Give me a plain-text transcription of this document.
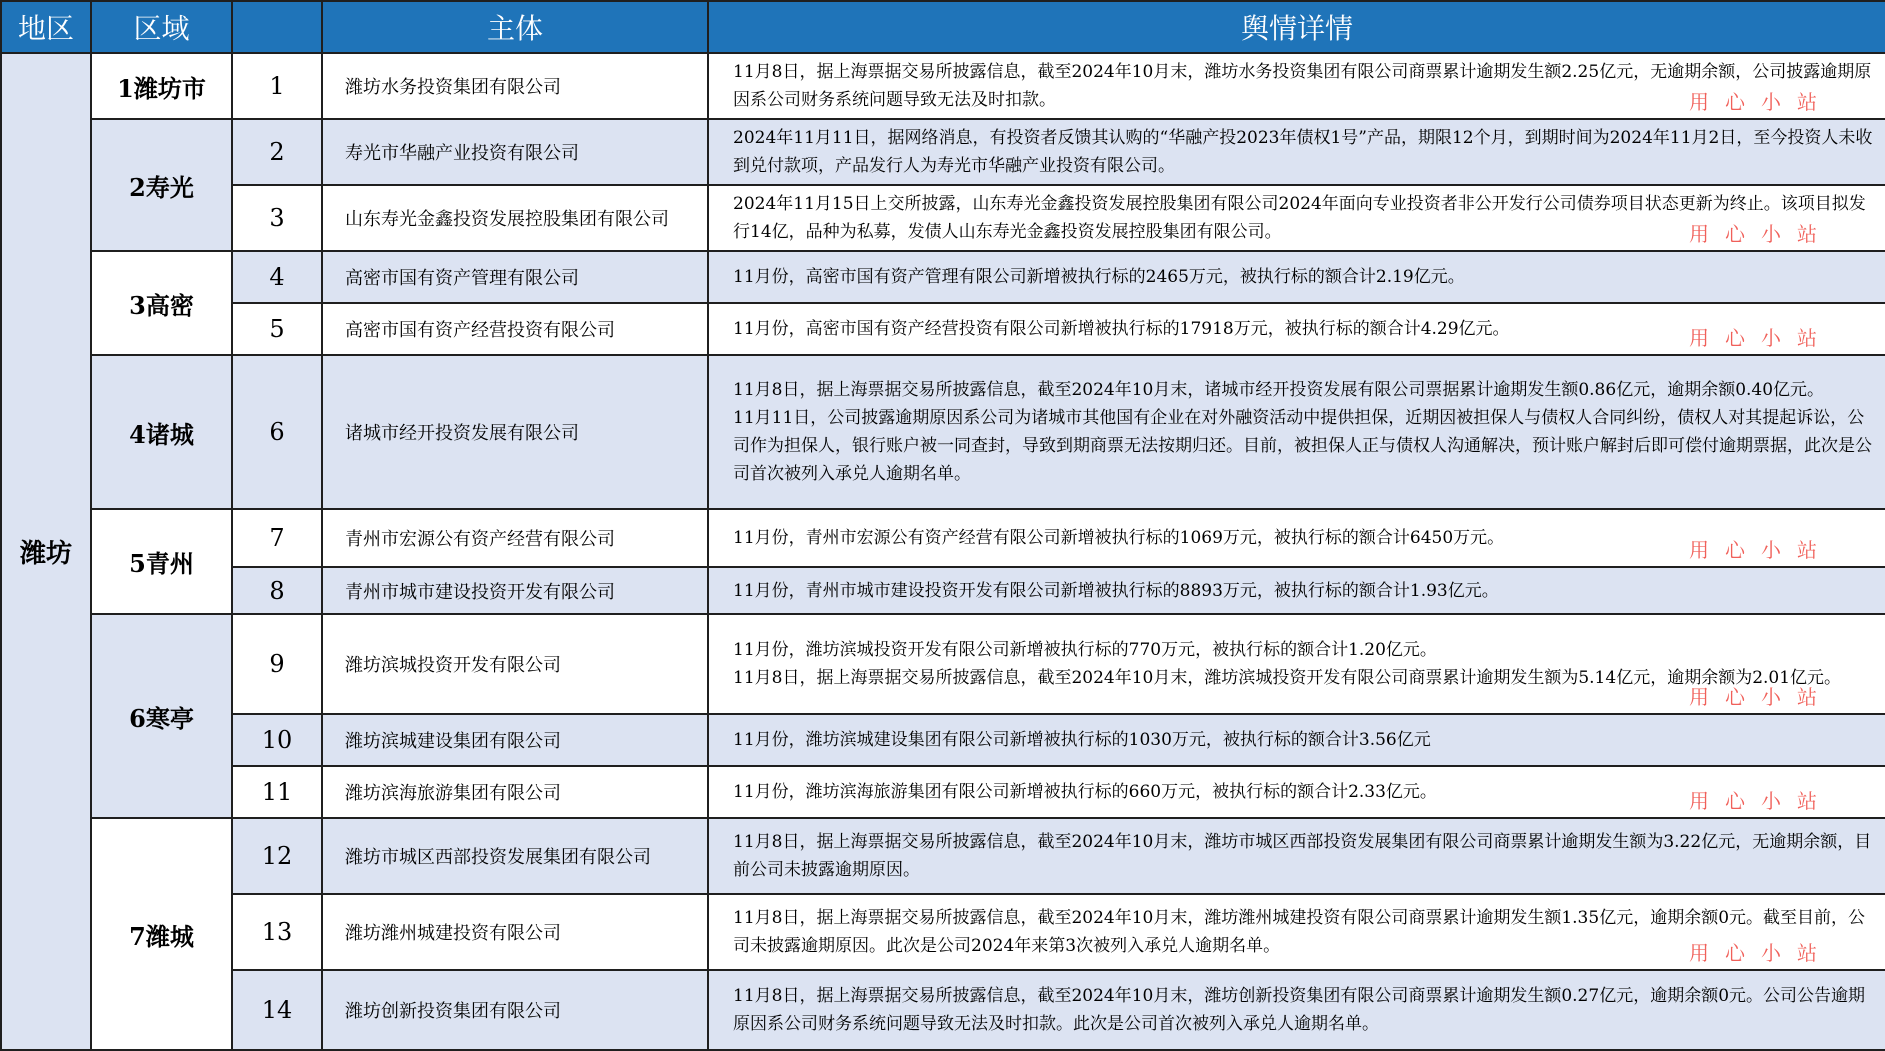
地区	区域		主体	舆情详情
潍坊	1潍坊市	1	潍坊水务投资集团有限公司	11月8日，据上海票据交易所披露信息，截至2024年10月末，潍坊水务投资集团有限公司商票累计逾期发生额2.25亿元，无逾期余额，公司披露逾期原因系公司财务系统问题导致无法及时扣款。 用心小站

	2寿光	2	寿光市华融产业投资有限公司	2024年11月11日，据网络消息，有投资者反馈其认购的“华融产投2023年债权1号”产品，期限12个月，到期时间为2024年11月2日，至今投资人未收到兑付款项，产品发行人为寿光市华融产业投资有限公司。

		3	山东寿光金鑫投资发展控股集团有限公司	2024年11月15日上交所披露，山东寿光金鑫投资发展控股集团有限公司2024年面向专业投资者非公开发行公司债券项目状态更新为终止。该项目拟发行14亿，品种为私募，发债人山东寿光金鑫投资发展控股集团有限公司。 用心小站

	3高密	4	高密市国有资产管理有限公司	11月份，高密市国有资产管理有限公司新增被执行标的2465万元，被执行标的额合计2.19亿元。

		5	高密市国有资产经营投资有限公司	11月份，高密市国有资产经营投资有限公司新增被执行标的17918万元，被执行标的额合计4.29亿元。 用心小站

	4诸城	6	诸城市经开投资发展有限公司	11月8日，据上海票据交易所披露信息，截至2024年10月末，诸城市经开投资发展有限公司票据累计逾期发生额0.86亿元，逾期余额0.40亿元。
11月11日，公司披露逾期原因系公司为诸城市其他国有企业在对外融资活动中提供担保，近期因被担保人与债权人合同纠纷，债权人对其提起诉讼，公司作为担保人，银行账户被一同查封，导致到期商票无法按期归还。目前，被担保人正与债权人沟通解决，预计账户解封后即可偿付逾期票据，此次是公司首次被列入承兑人逾期名单。

	5青州	7	青州市宏源公有资产经营有限公司	11月份，青州市宏源公有资产经营有限公司新增被执行标的1069万元，被执行标的额合计6450万元。 用心小站

		8	青州市城市建设投资开发有限公司	11月份，青州市城市建设投资开发有限公司新增被执行标的8893万元，被执行标的额合计1.93亿元。

	6寒亭	9	潍坊滨城投资开发有限公司	11月份，潍坊滨城投资开发有限公司新增被执行标的770万元，被执行标的额合计1.20亿元。
11月8日，据上海票据交易所披露信息，截至2024年10月末，潍坊滨城投资开发有限公司商票累计逾期发生额为5.14亿元，逾期余额为2.01亿元。
用心小站

		10	潍坊滨城建设集团有限公司	11月份，潍坊滨城建设集团有限公司新增被执行标的1030万元，被执行标的额合计3.56亿元

		11	潍坊滨海旅游集团有限公司	11月份，潍坊滨海旅游集团有限公司新增被执行标的660万元，被执行标的额合计2.33亿元。 用心小站

	7潍城	12	潍坊市城区西部投资发展集团有限公司	11月8日，据上海票据交易所披露信息，截至2024年10月末，潍坊市城区西部投资发展集团有限公司商票累计逾期发生额为3.22亿元，无逾期余额，目前公司未披露逾期原因。

		13	潍坊潍州城建投资有限公司	11月8日，据上海票据交易所披露信息，截至2024年10月末，潍坊潍州城建投资有限公司商票累计逾期发生额1.35亿元，逾期余额0元。截至目前，公司未披露逾期原因。此次是公司2024年来第3次被列入承兑人逾期名单。 用心小站

		14	潍坊创新投资集团有限公司	11月8日，据上海票据交易所披露信息，截至2024年10月末，潍坊创新投资集团有限公司商票累计逾期发生额0.27亿元，逾期余额0元。公司公告逾期原因系公司财务系统问题导致无法及时扣款。此次是公司首次被列入承兑人逾期名单。
